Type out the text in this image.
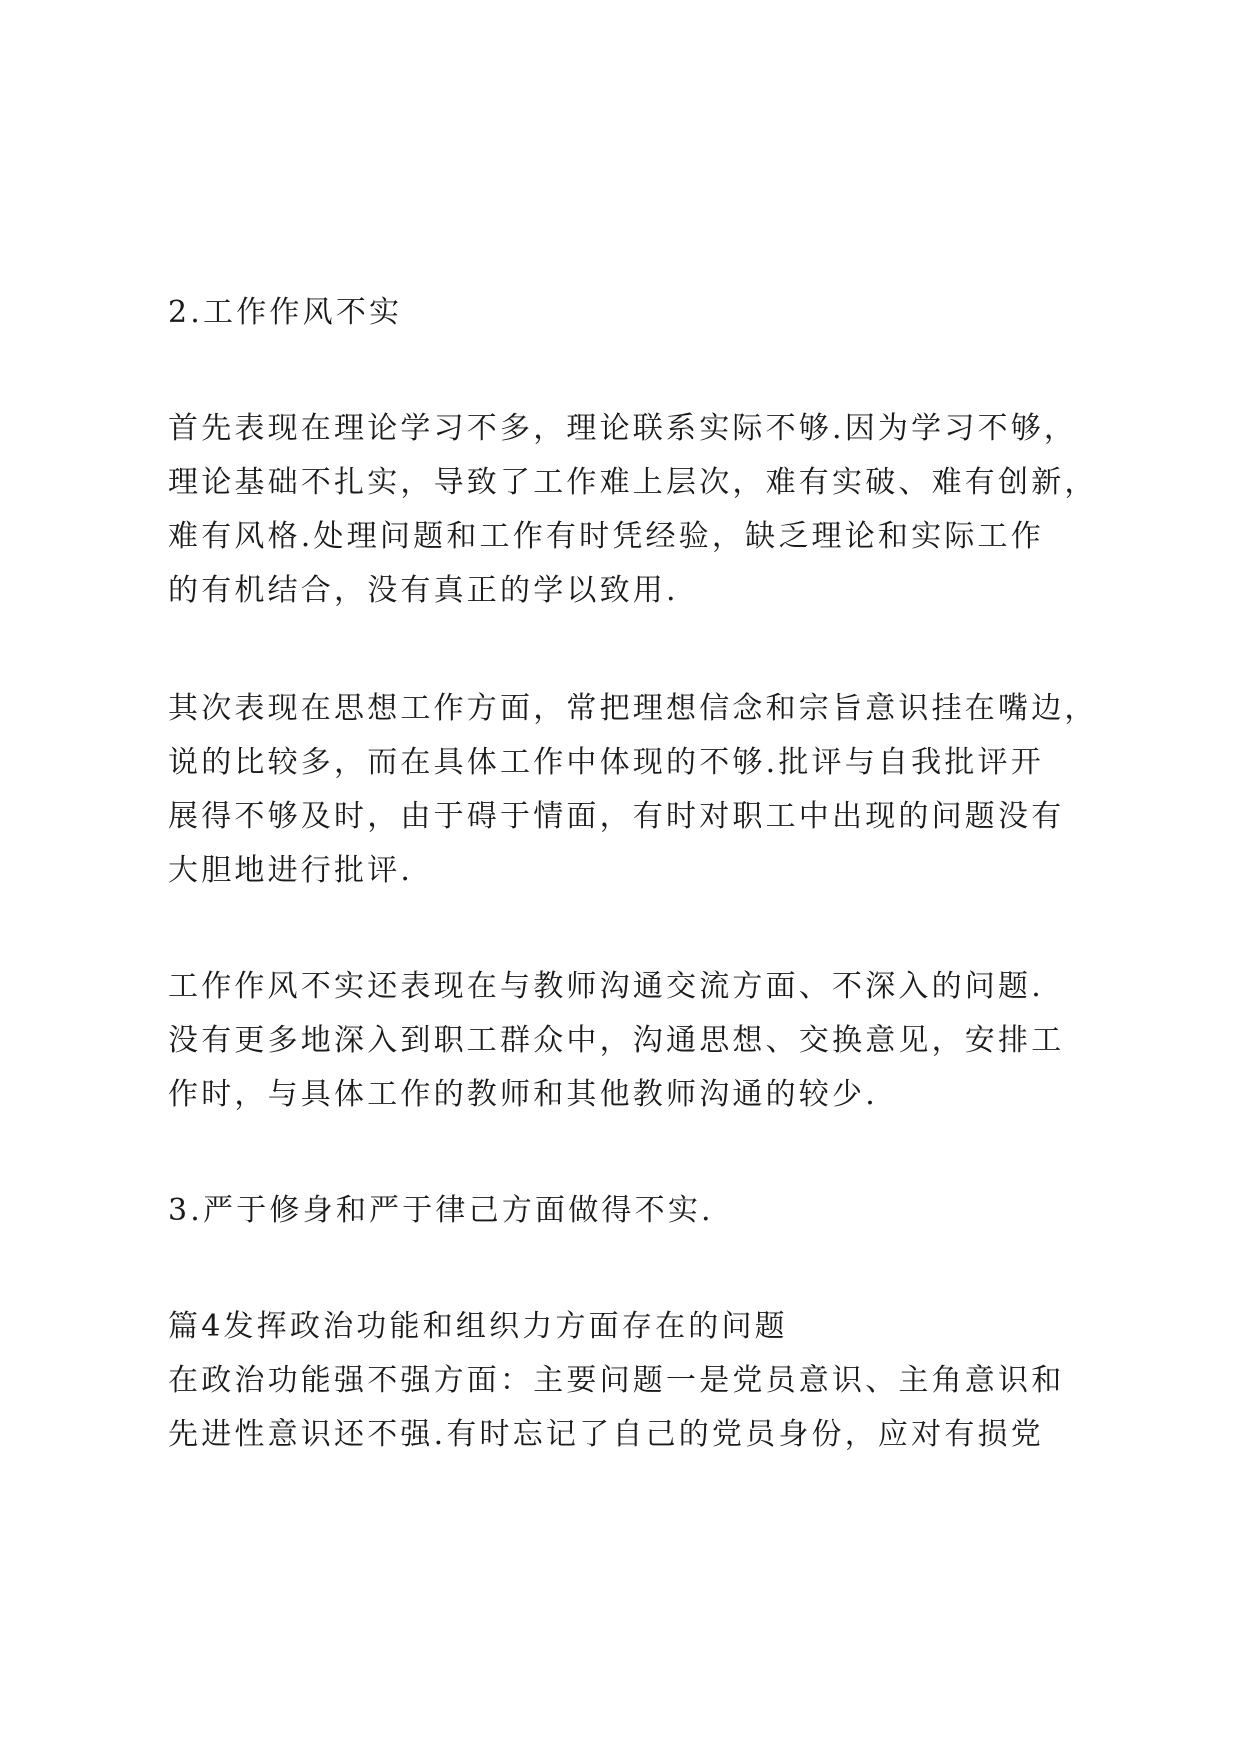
2.工作作风不实
首先表现在理论学习不多，理论联系实际不够.因为学习不够，
理论基础不扎实，导致了工作难上层次，难有实破、难有创新，
难有风格.处理问题和工作有时凭经验，缺乏理论和实际工作
的有机结合，没有真正的学以致用.
其次表现在思想工作方面，常把理想信念和宗旨意识挂在嘴边，
说的比较多，而在具体工作中体现的不够.批评与自我批评开
展得不够及时，由于碍于情面，有时对职工中出现的问题没有
大胆地进行批评.
工作作风不实还表现在与教师沟通交流方面、不深入的问题.
没有更多地深入到职工群众中，沟通思想、交换意见，安排工
作时，与具体工作的教师和其他教师沟通的较少.
3.严于修身和严于律己方面做得不实.
篇4发挥政治功能和组织力方面存在的问题
在政治功能强不强方面：主要问题一是党员意识、主角意识和
先进性意识还不强.有时忘记了自己的党员身份，应对有损党
